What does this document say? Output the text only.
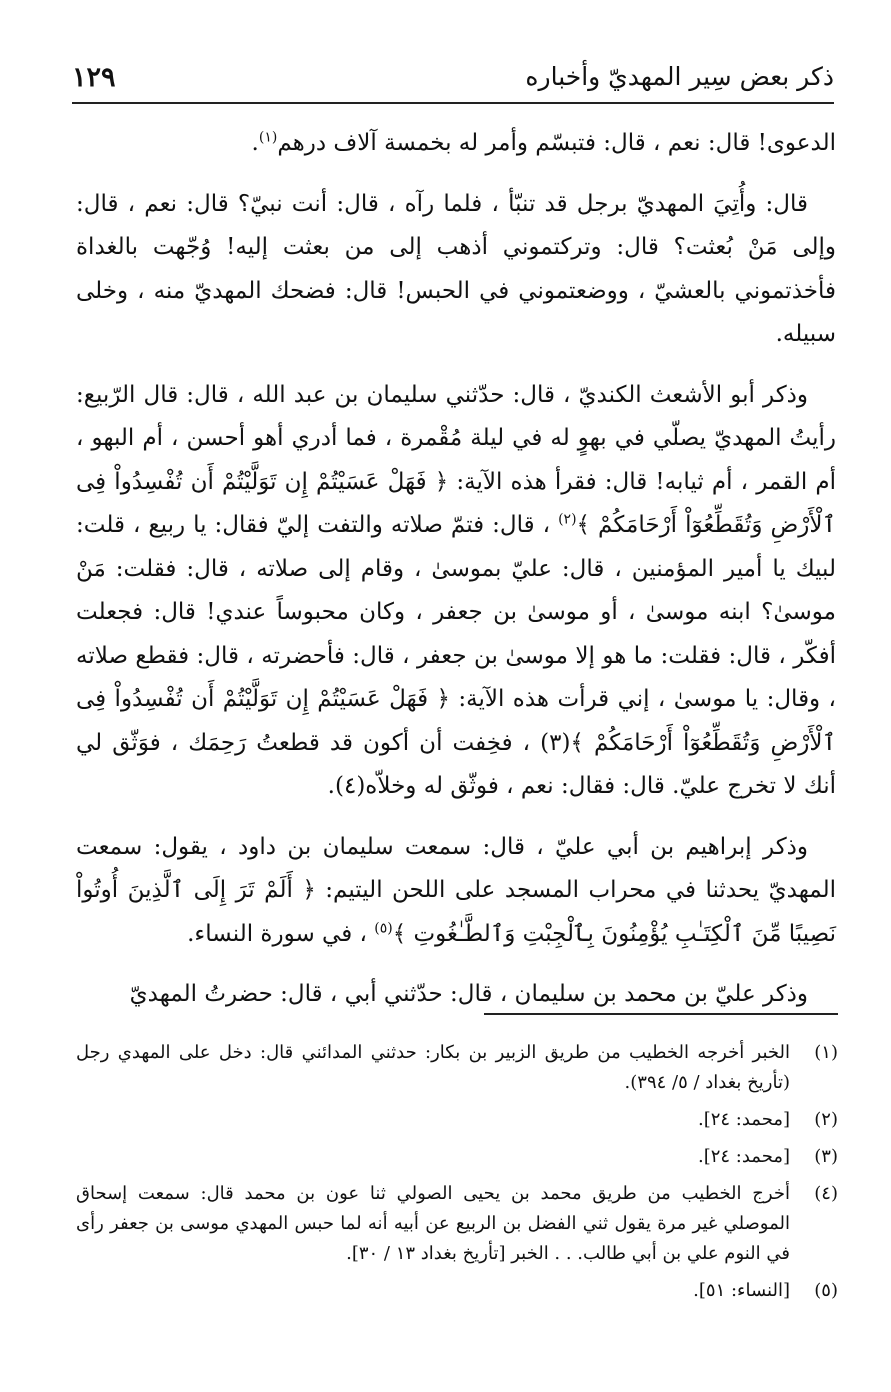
ذكر بعض سِير المهديّ وأخباره
١٢٩

الدعوى! قال: نعم ، قال: فتبسّم وأمر له بخمسة آلاف درهم$^{(١)}$.

قال: وأُتِيَ المهديّ برجل قد تنبّأ ، فلما رآه ، قال: أنت نبيّ؟ قال: نعم ، قال: وإلى مَنْ بُعثت؟ قال: وتركتموني أذهب إلى من بعثت إليه! وُجّهت بالغداة فأخذتموني بالعشيّ ، ووضعتموني في الحبس! قال: فضحك المهديّ منه ، وخلى سبيله.

وذكر أبو الأشعث الكنديّ ، قال: حدّثني سليمان بن عبد الله ، قال: قال الرّبيع: رأيتُ المهديّ يصلّي في بهوٍ له في ليلة مُقْمرة ، فما أدري أهو أحسن ، أم البهو ، أم القمر ، أم ثيابه! قال: فقرأ هذه الآية: ﴿ فَهَلْ عَسَيْتُمْ إِن تَوَلَّيْتُمْ أَن تُفْسِدُواْ فِى ٱلْأَرْضِ وَتُقَطِّعُوٓاْ أَرْحَامَكُمْ ﴾$^{(٢)}$ ، قال: فتمّ صلاته والتفت إليّ فقال: يا ربيع ، قلت: لبيك يا أمير المؤمنين ، قال: عليّ بموسىٰ ، وقام إلى صلاته ، قال: فقلت: مَنْ موسىٰ؟ ابنه موسىٰ ، أو موسىٰ بن جعفر ، وكان محبوساً عندي! قال: فجعلت أفكّر ، قال: فقلت: ما هو إلا موسىٰ بن جعفر ، قال: فأحضرته ، قال: فقطع صلاته ، وقال: يا موسىٰ ، إني قرأت هذه الآية: ﴿ فَهَلْ عَسَيْتُمْ إِن تَوَلَّيْتُمْ أَن تُفْسِدُواْ فِى ٱلْأَرْضِ وَتُقَطِّعُوٓاْ أَرْحَامَكُمْ ﴾(٣) ، فخِفت أن أكون قد قطعتُ رَحِمَك ، فوَثّق لي أنك لا تخرج عليّ. قال: فقال: نعم ، فوثّق له وخلاّه(٤).

وذكر إبراهيم بن أبي عليّ ، قال: سمعت سليمان بن داود ، يقول: سمعت المهديّ يحدثنا في محراب المسجد على اللحن اليتيم: ﴿ أَلَمْ تَرَ إِلَى ٱلَّذِينَ أُوتُواْ نَصِيبًا مِّنَ ٱلْكِتَـٰبِ يُؤْمِنُونَ بِٱلْجِبْتِ وَٱلطَّـٰغُوتِ ﴾$^{(٥)}$ ، في سورة النساء.

وذكر عليّ بن محمد بن سليمان ، قال: حدّثني أبي ، قال: حضرتُ المهديّ

(١)
الخبر أخرجه الخطيب من طريق الزبير بن بكار: حدثني المدائني قال: دخل على المهدي رجل (تأريخ بغداد / ٥/ ٣٩٤).
(٢)
[محمد: ٢٤].
(٣)
[محمد: ٢٤].
(٤)
أخرج الخطيب من طريق محمد بن يحيى الصولي ثنا عون بن محمد قال: سمعت إسحاق الموصلي غير مرة يقول ثني الفضل بن الربيع عن أبيه أنه لما حبس المهدي موسى بن جعفر رأى في النوم علي بن أبي طالب. . . الخبر [تأريخ بغداد ١٣ / ٣٠].
(٥)
[النساء: ٥١].
